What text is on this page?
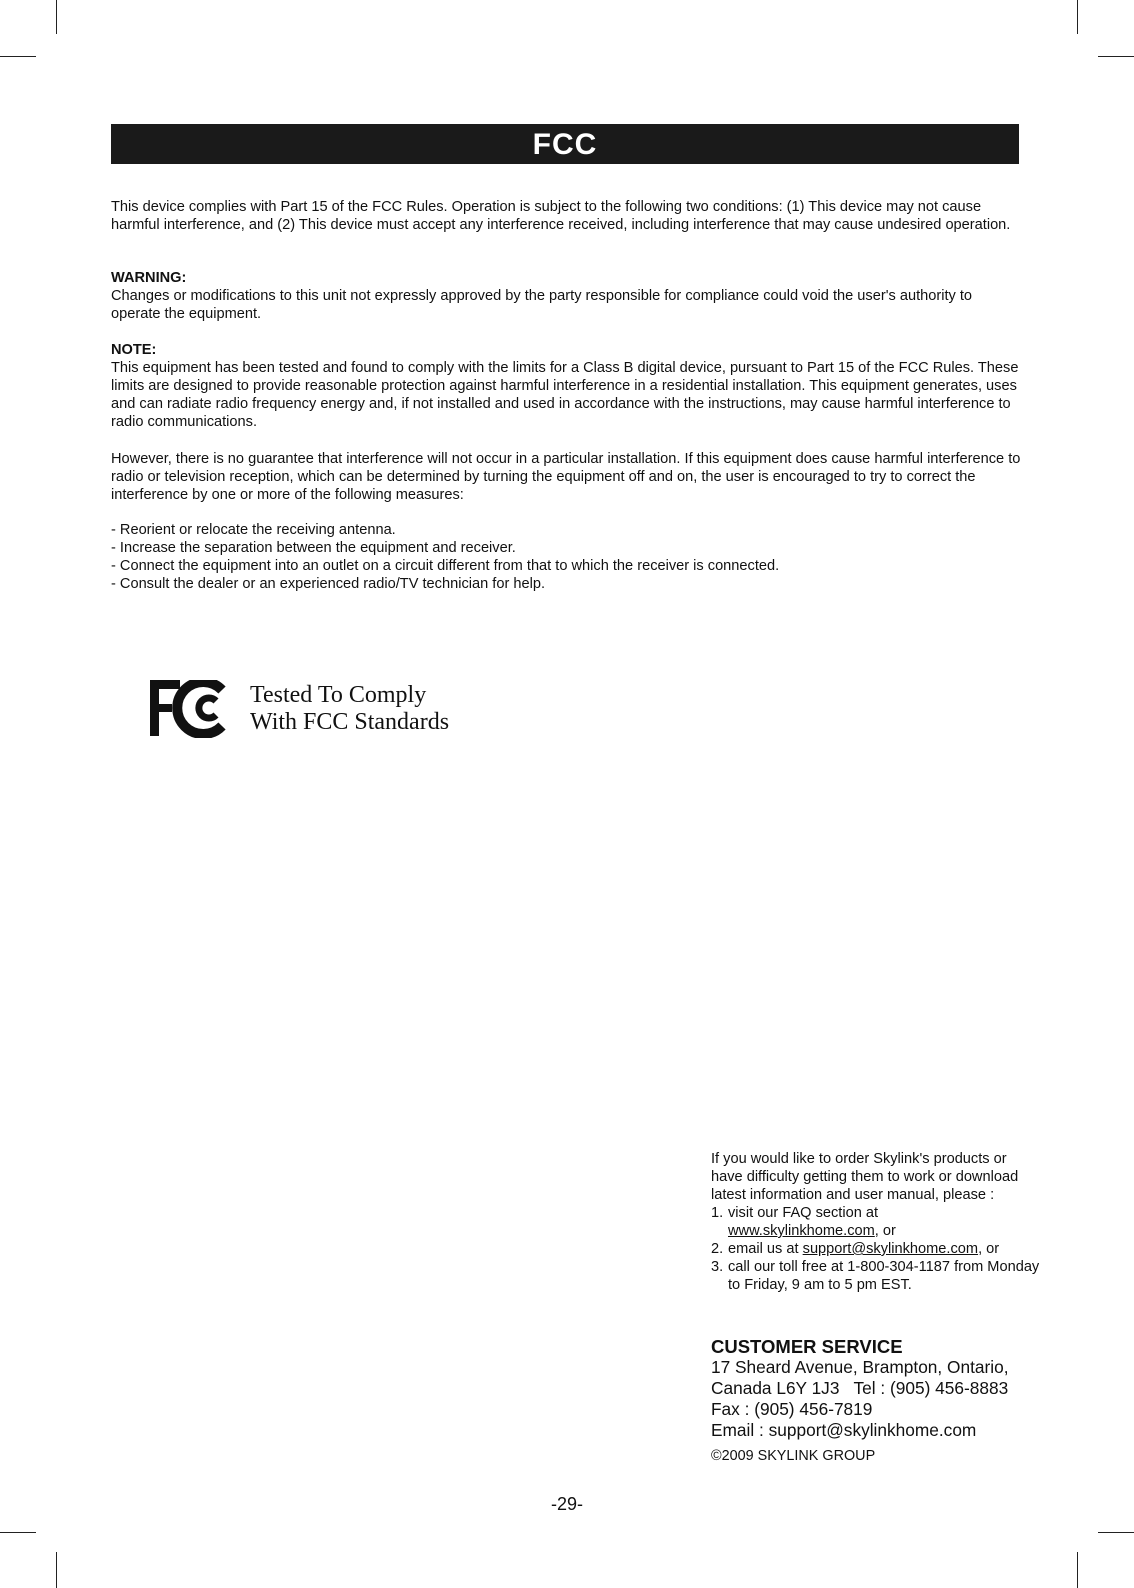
FCC

This device complies with Part 15 of the FCC Rules. Operation is subject to the following two conditions: (1) This device may not cause harmful interference, and (2) This device must accept any interference received, including interference that may cause undesired operation.

WARNING:

Changes or modifications to this unit not expressly approved by the party responsible for compliance could void the user's authority to operate the equipment.

NOTE:

This equipment has been tested and found to comply with the limits for a Class B digital device, pursuant to Part 15 of the FCC Rules. These limits are designed to provide reasonable protection against harmful interference in a residential installation. This equipment generates, uses and can radiate radio frequency energy and, if not installed and used in accordance with the instructions, may cause harmful interference to radio communications.

However, there is no guarantee that interference will not occur in a particular installation. If this equipment does cause harmful interference to radio or television reception, which can be determined by turning the equipment off and on, the user is encouraged to try to correct the interference by one or more of the following measures:

- Reorient or relocate the receiving antenna.
- Increase the separation between the equipment and receiver.
- Connect the equipment into an outlet on a circuit different from that to which the receiver is connected.
- Consult the dealer or an experienced radio/TV technician for help.
Tested To Comply
With FCC Standards
If you would like to order Skylink's products or have difficulty getting them to work or download latest information and user manual, please :
1. visit our FAQ section at
www.skylinkhome.com, or
2. email us at support@skylinkhome.com, or
3. call our toll free at 1-800-304-1187 from Monday to Friday, 9 am to 5 pm EST.
CUSTOMER SERVICE
17 Sheard Avenue, Brampton, Ontario,
Canada L6Y 1J3 Tel : (905) 456-8883
Fax : (905) 456-7819
Email : support@skylinkhome.com
©2009 SKYLINK GROUP
-29-
